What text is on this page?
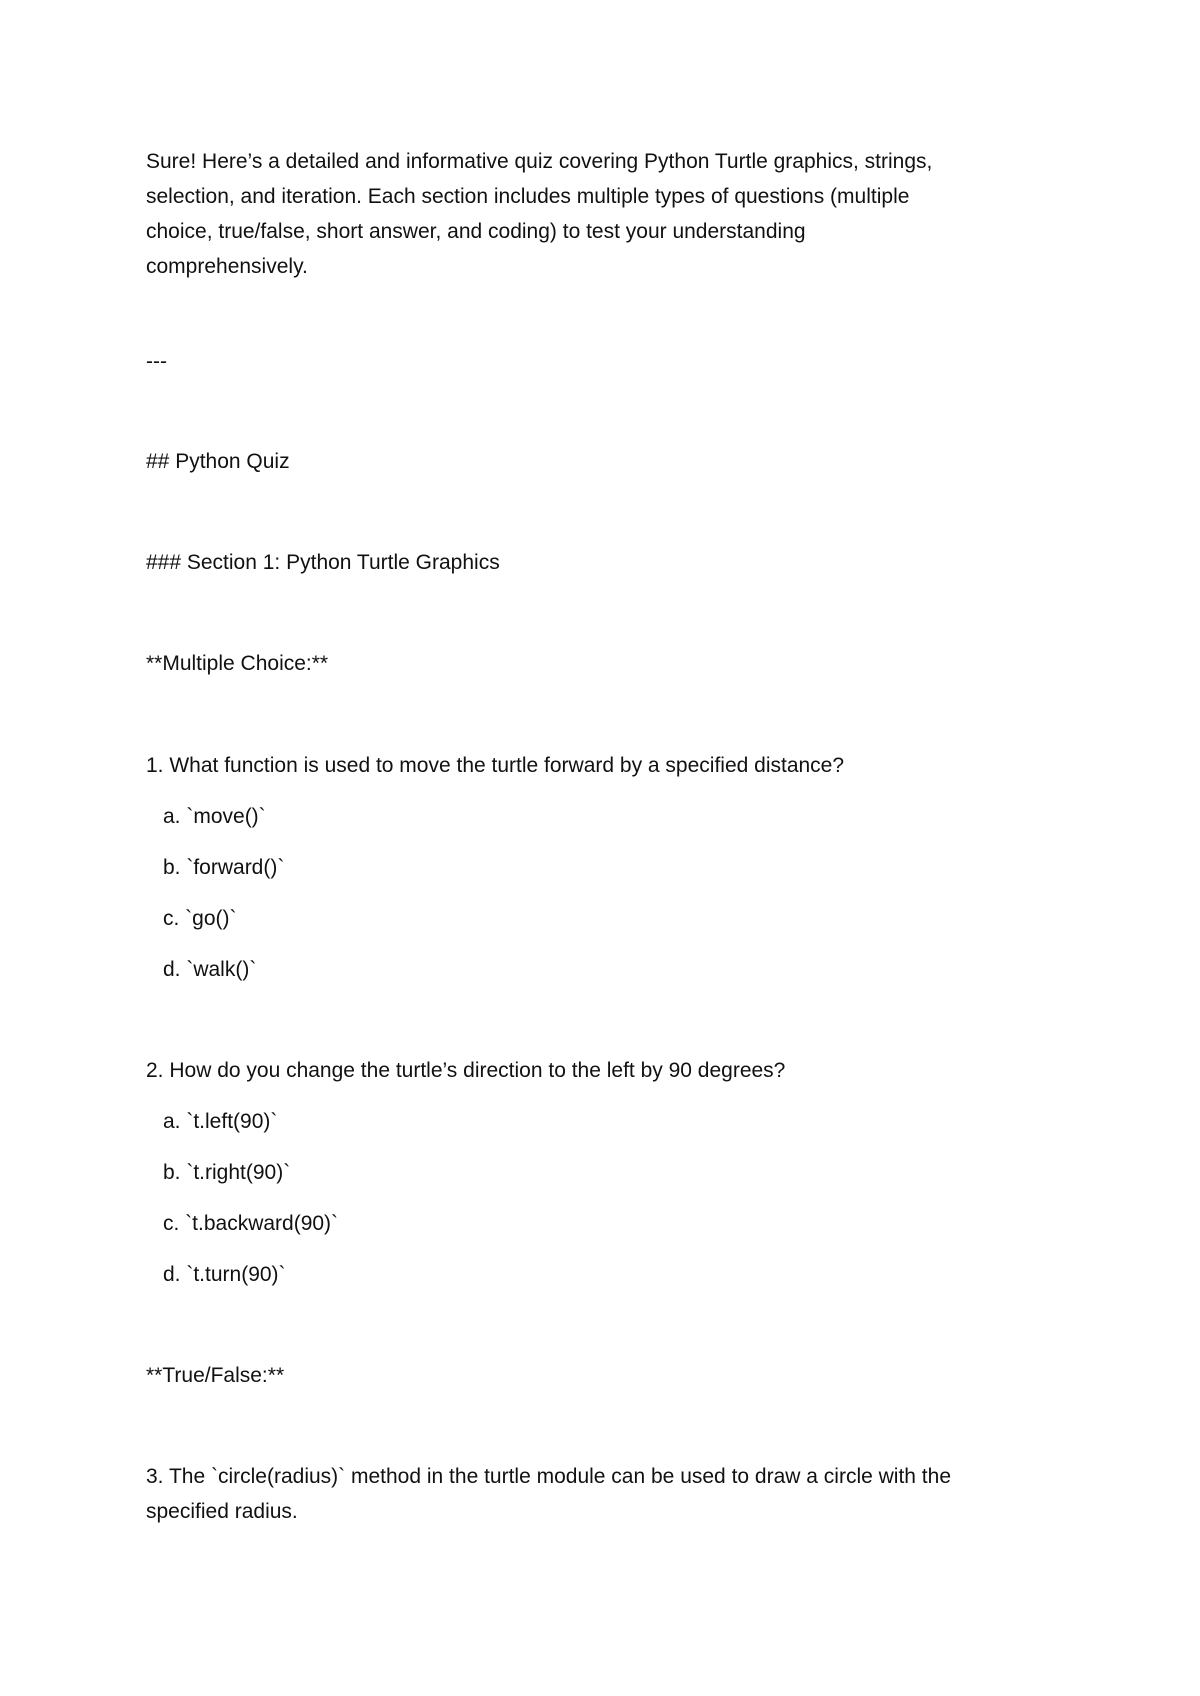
Sure! Here’s a detailed and informative quiz covering Python Turtle graphics, strings,
selection, and iteration. Each section includes multiple types of questions (multiple
choice, true/false, short answer, and coding) to test your understanding
comprehensively.

---

## Python Quiz

### Section 1: Python Turtle Graphics

**Multiple Choice:**

1. What function is used to move the turtle forward by a specified distance?

a. `move()`

b. `forward()`

c. `go()`

d. `walk()`

2. How do you change the turtle’s direction to the left by 90 degrees?

a. `t.left(90)`

b. `t.right(90)`

c. `t.backward(90)`

d. `t.turn(90)`

**True/False:**

3. The `circle(radius)` method in the turtle module can be used to draw a circle with the
specified radius.
